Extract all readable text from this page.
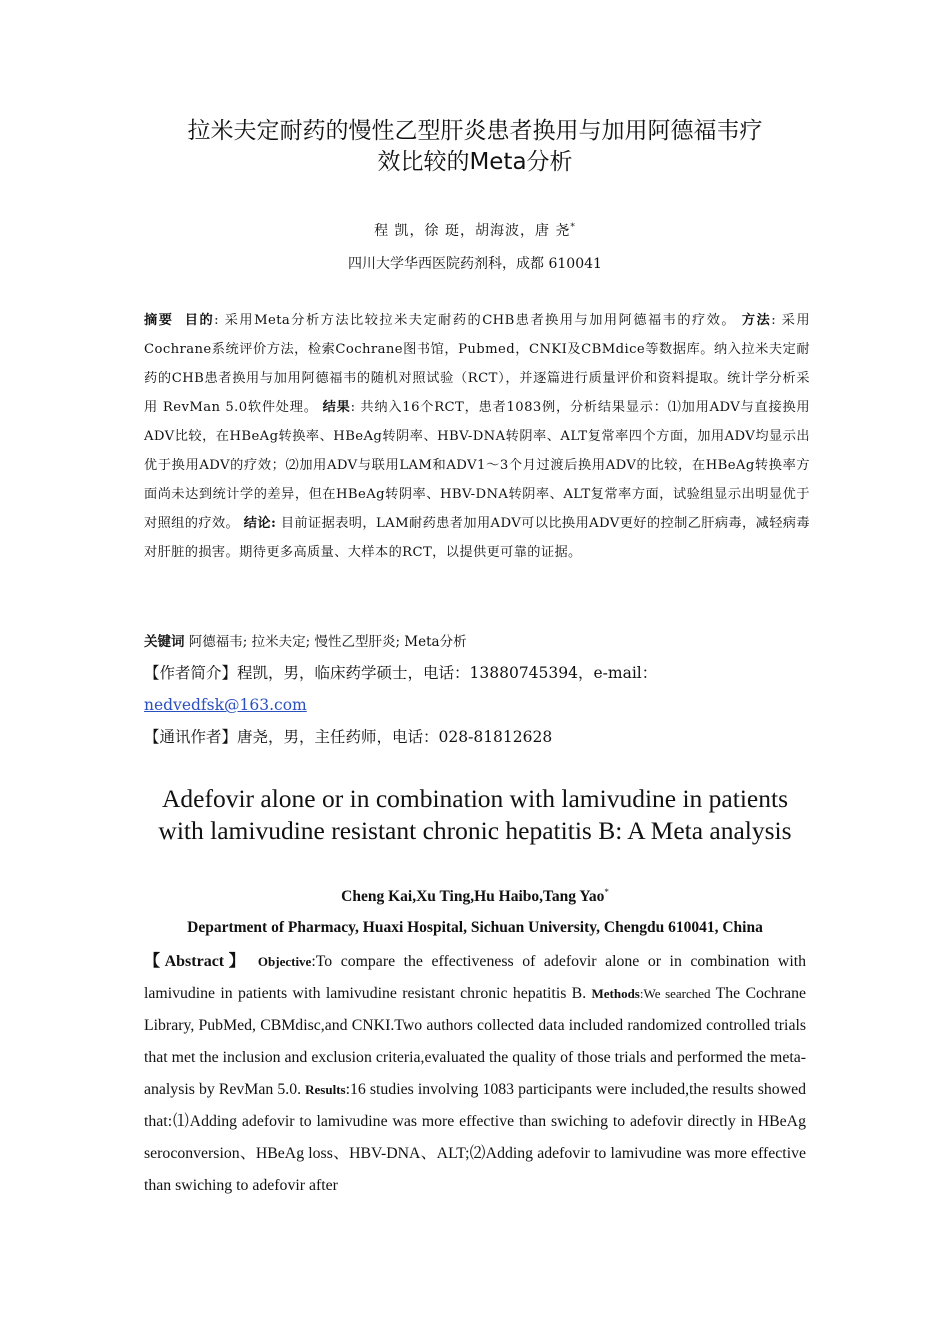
拉米夫定耐药的慢性乙型肝炎患者换用与加用阿德福韦疗
效比较的Meta分析
程 凯，徐 珽，胡海波，唐 尧*
四川大学华西医院药剂科，成都 610041
摘要 目的: 采用Meta分析方法比较拉米夫定耐药的CHB患者换用与加用阿德福韦的疗效。 方法: 采用Cochrane系统评价方法，检索Cochrane图书馆，Pubmed，CNKI及CBMdice等数据库。纳入拉米夫定耐药的CHB患者换用与加用阿德福韦的随机对照试验（RCT），并逐篇进行质量评价和资料提取。统计学分析采用 RevMan 5.0软件处理。 结果: 共纳入16个RCT，患者1083例，分析结果显示：⑴加用ADV与直接换用ADV比较，在HBeAg转换率、HBeAg转阴率、HBV-DNA转阴率、ALT复常率四个方面，加用ADV均显示出优于换用ADV的疗效；⑵加用ADV与联用LAM和ADV1～3个月过渡后换用ADV的比较，在HBeAg转换率方面尚未达到统计学的差异，但在HBeAg转阴率、HBV-DNA转阴率、ALT复常率方面，试验组显示出明显优于对照组的疗效。 结论: 目前证据表明，LAM耐药患者加用ADV可以比换用ADV更好的控制乙肝病毒，减轻病毒对肝脏的损害。期待更多高质量、大样本的RCT，以提供更可靠的证据。
关键词 阿德福韦; 拉米夫定; 慢性乙型肝炎; Meta分析
【作者简介】程凯，男，临床药学硕士，电话：13880745394，e-mail：
nedvedfsk@163.com
【通讯作者】唐尧，男，主任药师，电话：028-81812628
Adefovir alone or in combination with lamivudine in patients
with lamivudine resistant chronic hepatitis B: A Meta analysis
Cheng Kai,Xu Ting,Hu Haibo,Tang Yao*
Department of Pharmacy, Huaxi Hospital, Sichuan University, Chengdu 610041, China
【Abstract】 Objective:To compare the effectiveness of adefovir alone or in combination with lamivudine in patients with lamivudine resistant chronic hepatitis B. Methods:We searched The Cochrane Library, PubMed, CBMdisc,and CNKI.Two authors collected data included randomized controlled trials that met the inclusion and exclusion criteria,evaluated the quality of those trials and performed the meta-analysis by RevMan 5.0. Results:16 studies involving 1083 participants were included,the results showed that:⑴Adding adefovir to lamivudine was more effective than swiching to adefovir directly in HBeAg seroconversion、HBeAg loss、HBV-DNA、ALT;⑵Adding adefovir to lamivudine was more effective than swiching to adefovir after
